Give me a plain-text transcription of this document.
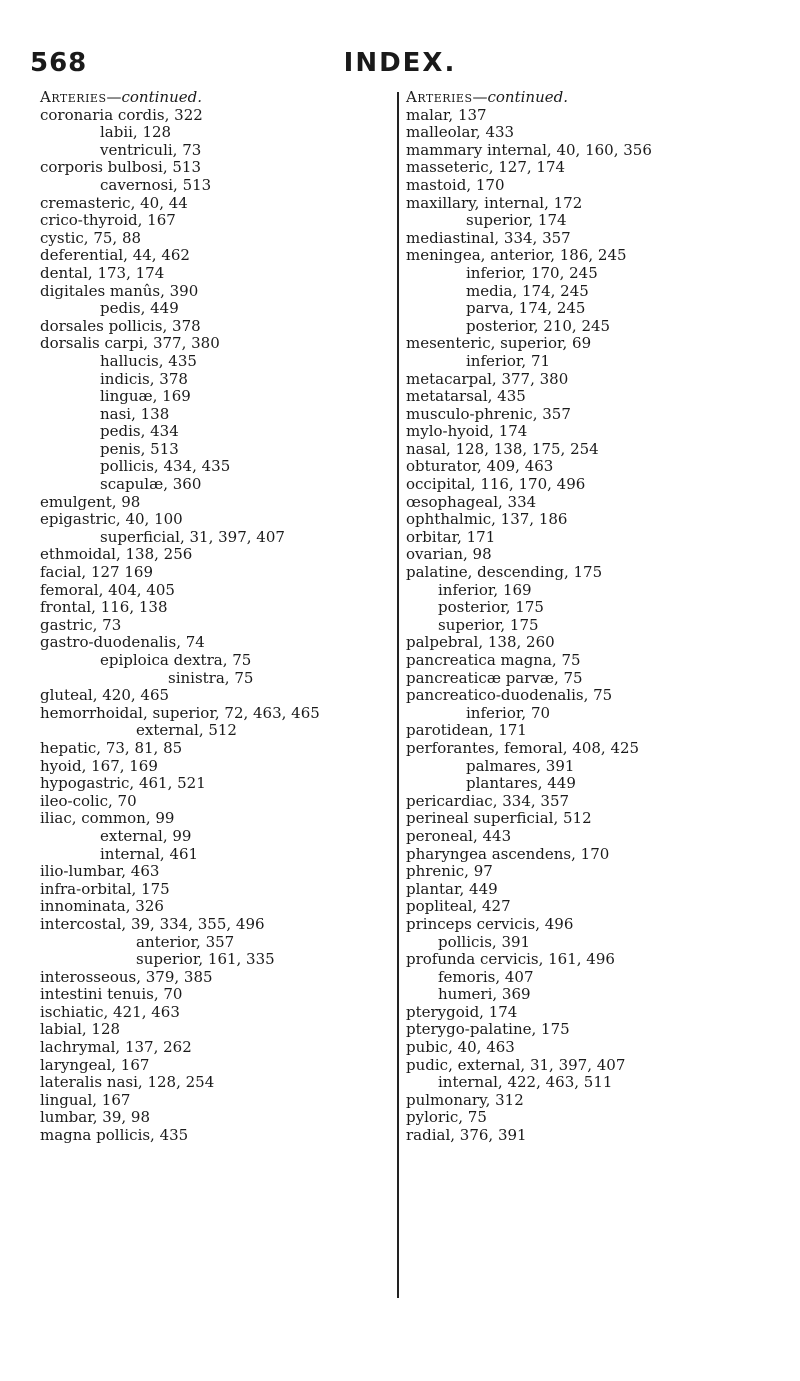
568	INDEX.
Arteries—continued.
coronaria cordis, 322
labii, 128
ventriculi, 73
corporis bulbosi, 513
cavernosi, 513
cremasteric, 40, 44
crico-thyroid, 167
cystic, 75, 88
deferential, 44, 462
dental, 173, 174
digitales manûs, 390
pedis, 449
dorsales pollicis, 378
dorsalis carpi, 377, 380
hallucis, 435
indicis, 378
linguæ, 169
nasi, 138
pedis, 434
penis, 513
pollicis, 434, 435
scapulæ, 360
emulgent, 98
epigastric, 40, 100
superficial, 31, 397, 407
ethmoidal, 138, 256
facial, 127 169
femoral, 404, 405
frontal, 116, 138
gastric, 73
gastro-duodenalis, 74
epiploica dextra, 75
sinistra, 75
gluteal, 420, 465
hemorrhoidal, superior, 72, 463, 465
external, 512
hepatic, 73, 81, 85
hyoid, 167, 169
hypogastric, 461, 521
ileo-colic, 70
iliac, common, 99
external, 99
internal, 461
ilio-lumbar, 463
infra-orbital, 175
innominata, 326
intercostal, 39, 334, 355, 496
anterior, 357
superior, 161, 335
interosseous, 379, 385
intestini tenuis, 70
ischiatic, 421, 463
labial, 128
lachrymal, 137, 262
laryngeal, 167
lateralis nasi, 128, 254
lingual, 167
lumbar, 39, 98
magna pollicis, 435
Arteries—continued.
malar, 137
malleolar, 433
mammary internal, 40, 160, 356
masseteric, 127, 174
mastoid, 170
maxillary, internal, 172
superior, 174
mediastinal, 334, 357
meningea, anterior, 186, 245
inferior, 170, 245
media, 174, 245
parva, 174, 245
posterior, 210, 245
mesenteric, superior, 69
inferior, 71
metacarpal, 377, 380
metatarsal, 435
musculo-phrenic, 357
mylo-hyoid, 174
nasal, 128, 138, 175, 254
obturator, 409, 463
occipital, 116, 170, 496
œsophageal, 334
ophthalmic, 137, 186
orbitar, 171
ovarian, 98
palatine, descending, 175
inferior, 169
posterior, 175
superior, 175
palpebral, 138, 260
pancreatica magna, 75
pancreaticæ parvæ, 75
pancreatico-duodenalis, 75
inferior, 70
parotidean, 171
perforantes, femoral, 408, 425
palmares, 391
plantares, 449
pericardiac, 334, 357
perineal superficial, 512
peroneal, 443
pharyngea ascendens, 170
phrenic, 97
plantar, 449
popliteal, 427
princeps cervicis, 496
pollicis, 391
profunda cervicis, 161, 496
femoris, 407
humeri, 369
pterygoid, 174
pterygo-palatine, 175
pubic, 40, 463
pudic, external, 31, 397, 407
internal, 422, 463, 511
pulmonary, 312
pyloric, 75
radial, 376, 391
